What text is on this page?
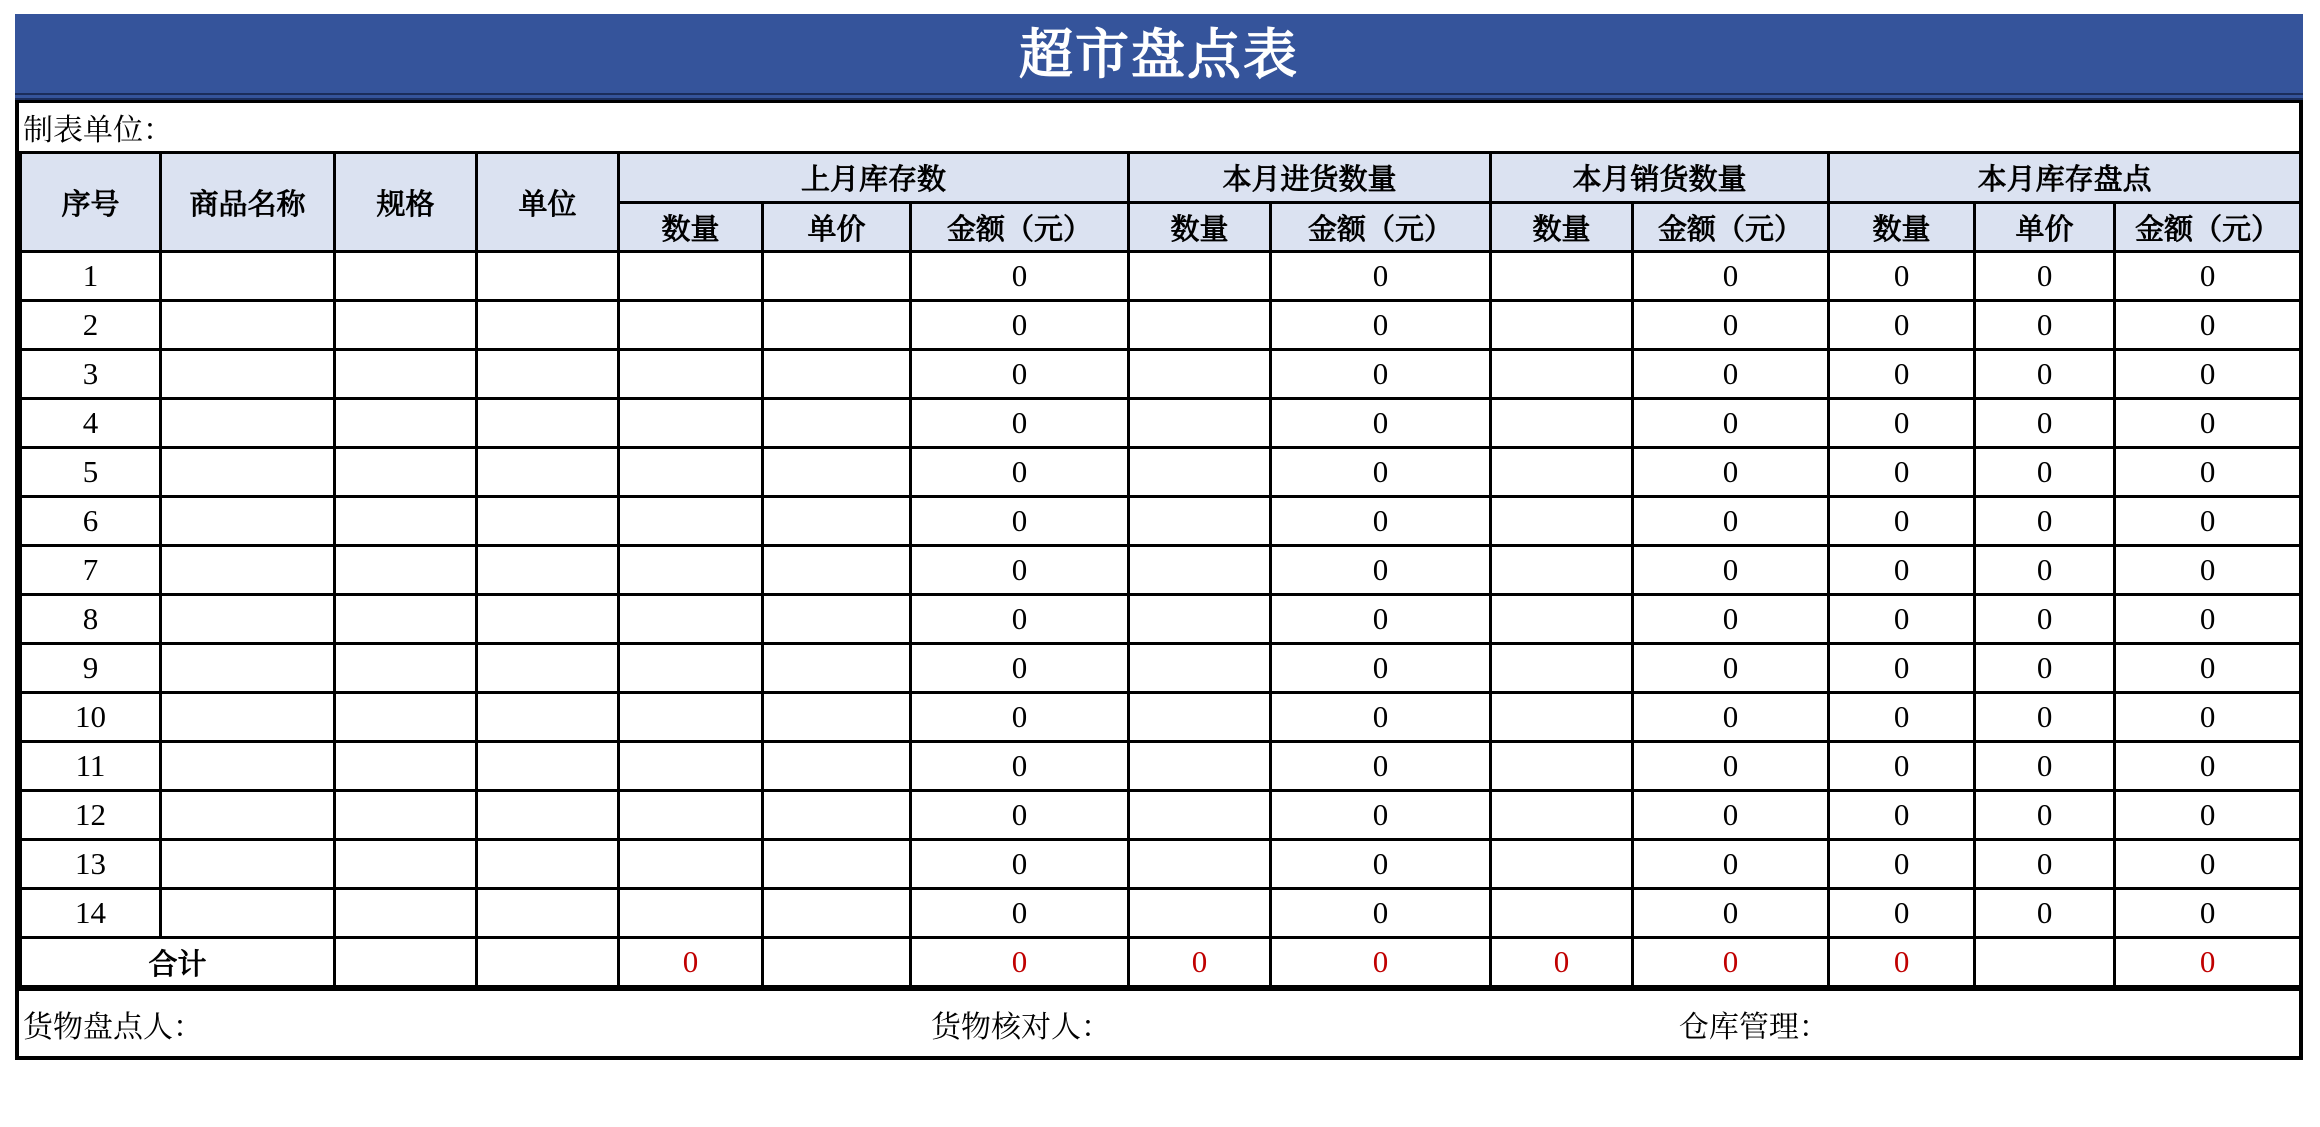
超市盘点表
制表单位：
序号	商品名称	规格	单位	上月库存数			本月进货数量		本月销货数量		本月库存盘点		
				数量	单价	金额（元）	数量	金额（元）	数量	金额（元）	数量	单价	金额（元）
1						0		0		0	0	0	0
2						0		0		0	0	0	0
3						0		0		0	0	0	0
4						0		0		0	0	0	0
5						0		0		0	0	0	0
6						0		0		0	0	0	0
7						0		0		0	0	0	0
8						0		0		0	0	0	0
9						0		0		0	0	0	0
10						0		0		0	0	0	0
11						0		0		0	0	0	0
12						0		0		0	0	0	0
13						0		0		0	0	0	0
14						0		0		0	0	0	0
合计				0		0	0	0	0	0	0		0
货物盘点人：	货物核对人：	仓库管理：
